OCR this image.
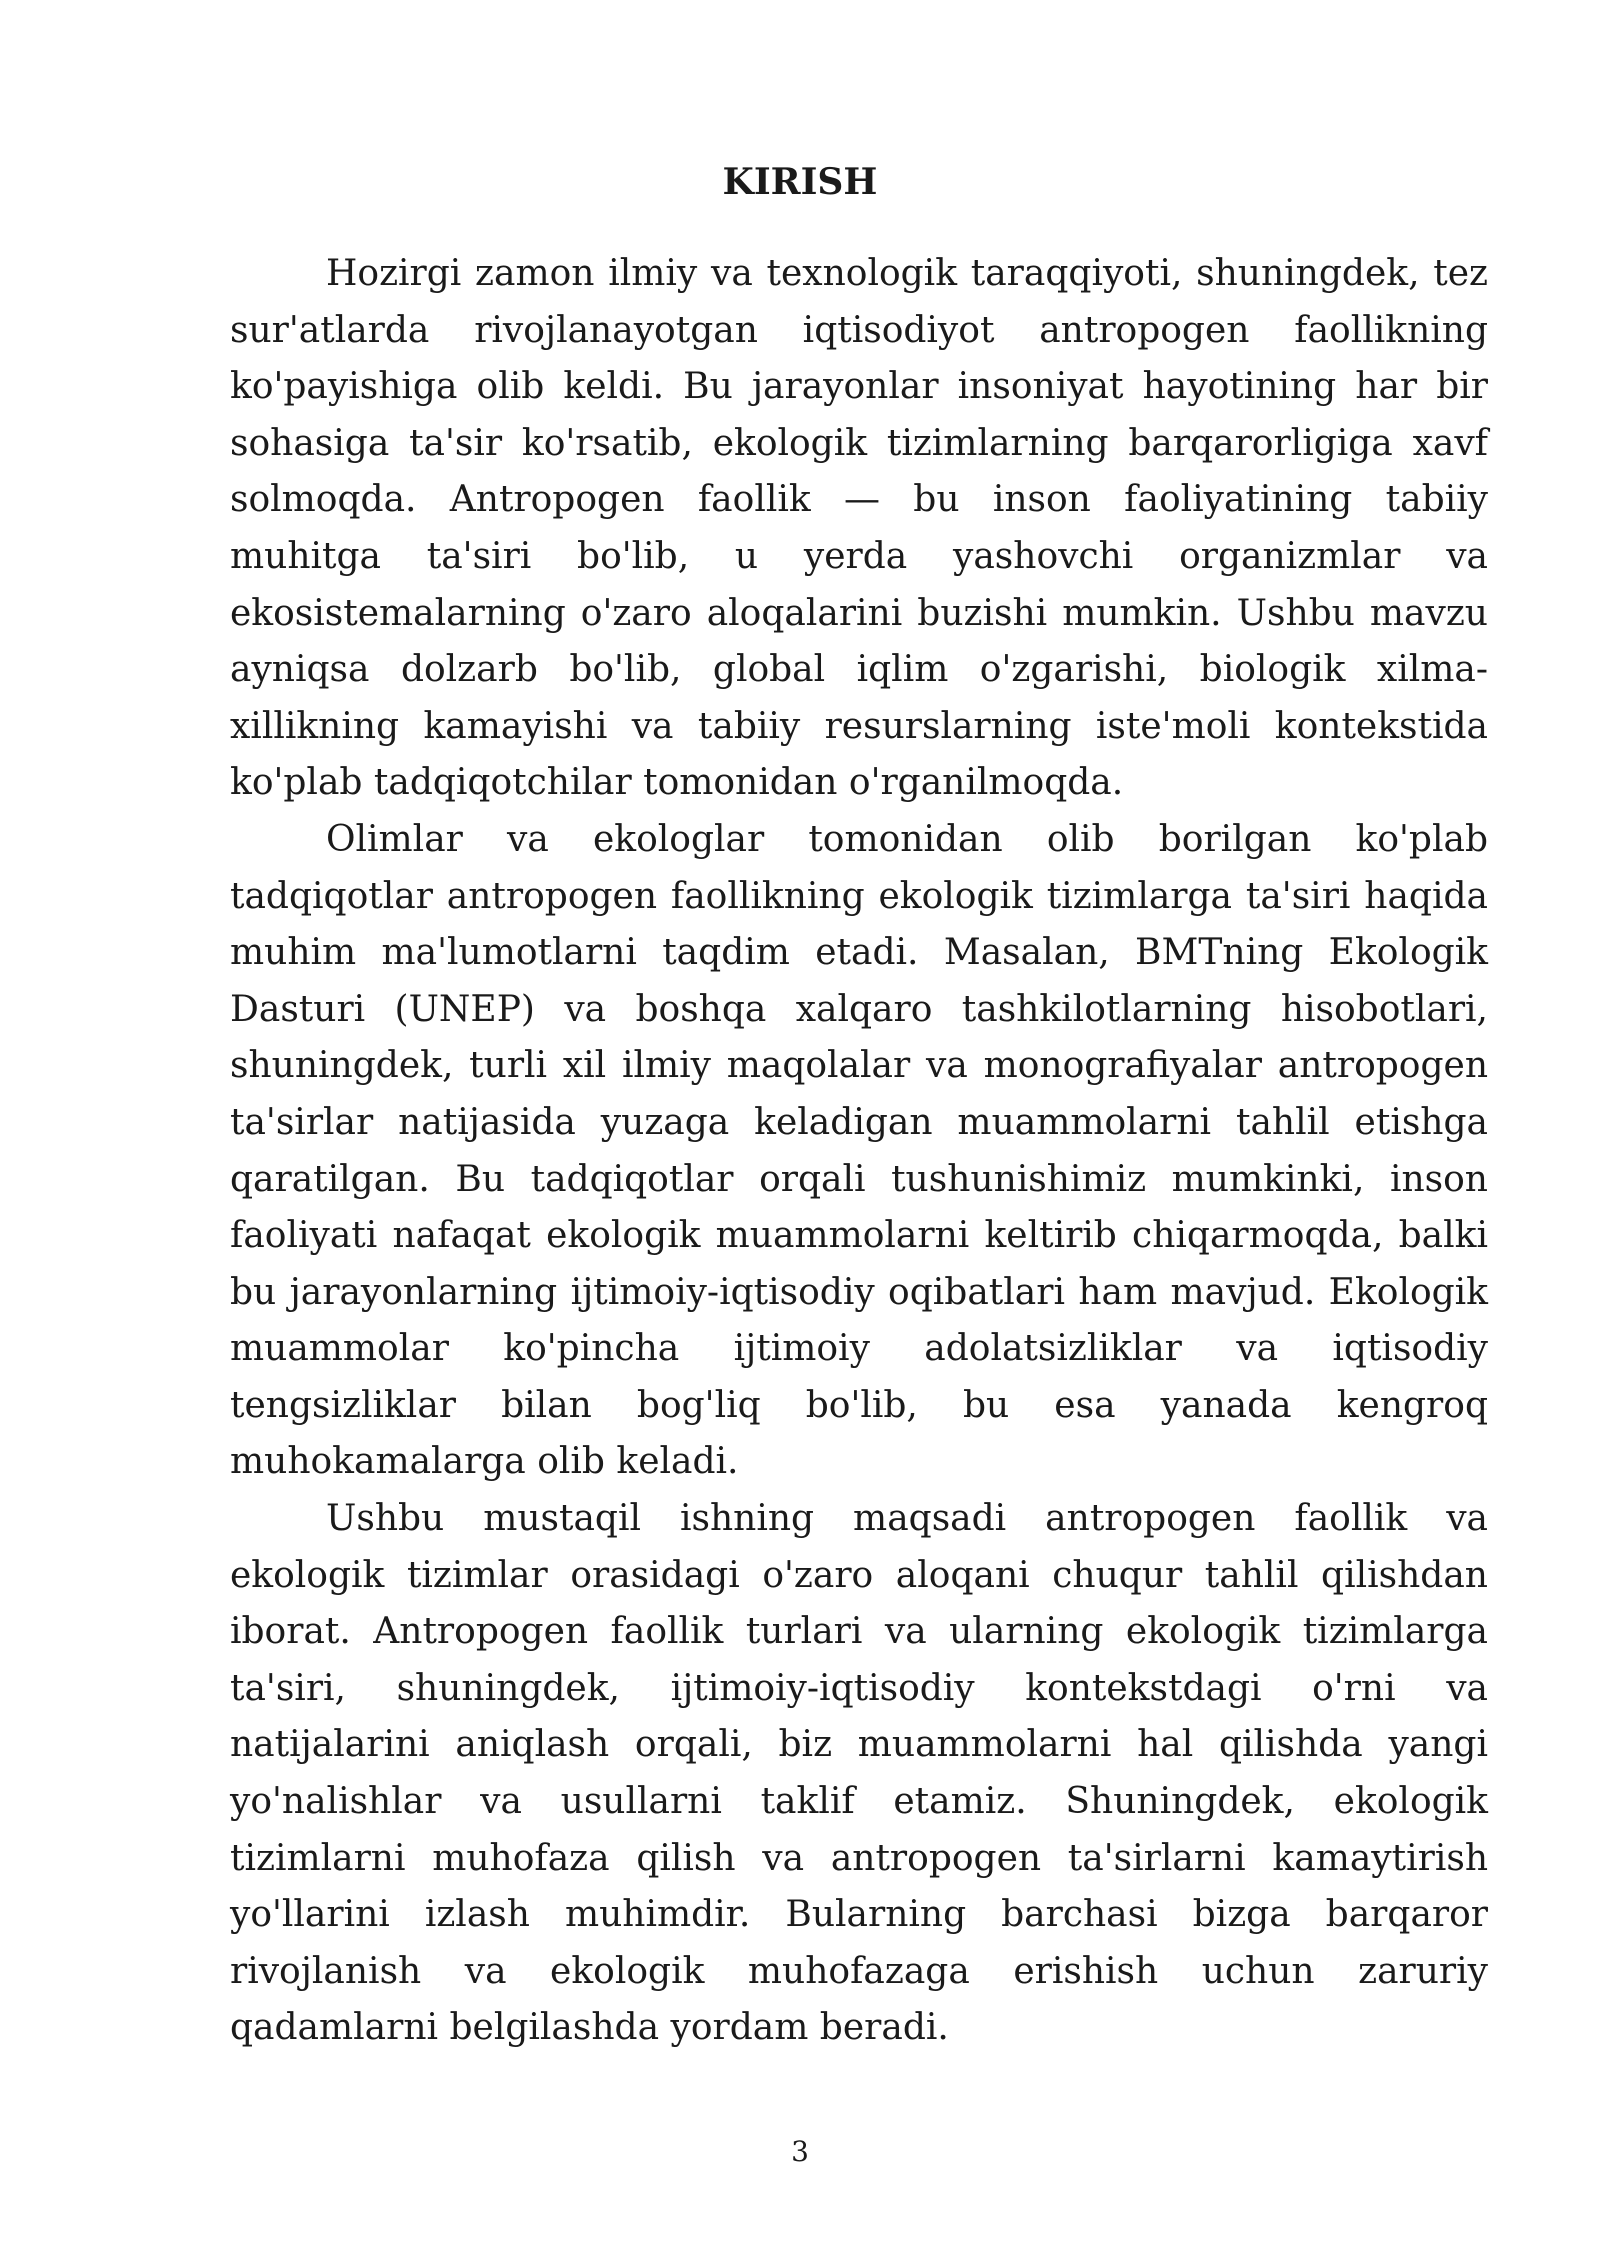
KIRISH

Hozirgi zamon ilmiy va texnologik taraqqiyoti, shuningdek, tez sur'atlarda rivojlanayotgan iqtisodiyot antropogen faollikning ko'payishiga olib keldi. Bu jarayonlar insoniyat hayotining har bir sohasiga ta'sir ko'rsatib, ekologik tizimlarning barqarorligiga xavf solmoqda. Antropogen faollik — bu inson faoliyatining tabiiy muhitga ta'siri bo'lib, u yerda yashovchi organizmlar va ekosistemalarning o'zaro aloqalarini buzishi mumkin. Ushbu mavzu ayniqsa dolzarb bo'lib, global iqlim o'zgarishi, biologik xilma-xillikning kamayishi va tabiiy resurslarning iste'moli kontekstida ko'plab tadqiqotchilar tomonidan o'rganilmoqda.

Olimlar va ekologlar tomonidan olib borilgan ko'plab tadqiqotlar antropogen faollikning ekologik tizimlarga ta'siri haqida muhim ma'lumotlarni taqdim etadi. Masalan, BMTning Ekologik Dasturi (UNEP) va boshqa xalqaro tashkilotlarning hisobotlari, shuningdek, turli xil ilmiy maqolalar va monografiyalar antropogen ta'sirlar natijasida yuzaga keladigan muammolarni tahlil etishga qaratilgan. Bu tadqiqotlar orqali tushunishimiz mumkinki, inson faoliyati nafaqat ekologik muammolarni keltirib chiqarmoqda, balki bu jarayonlarning ijtimoiy-iqtisodiy oqibatlari ham mavjud. Ekologik muammolar ko'pincha ijtimoiy adolatsizliklar va iqtisodiy tengsizliklar bilan bog'liq bo'lib, bu esa yanada kengroq muhokamalarga olib keladi.

Ushbu mustaqil ishning maqsadi antropogen faollik va ekologik tizimlar orasidagi o'zaro aloqani chuqur tahlil qilishdan iborat. Antropogen faollik turlari va ularning ekologik tizimlarga ta'siri, shuningdek, ijtimoiy-iqtisodiy kontekstdagi o'rni va natijalarini aniqlash orqali, biz muammolarni hal qilishda yangi yo'nalishlar va usullarni taklif etamiz. Shuningdek, ekologik tizimlarni muhofaza qilish va antropogen ta'sirlarni kamaytirish yo'llarini izlash muhimdir. Bularning barchasi bizga barqaror rivojlanish va ekologik muhofazaga erishish uchun zaruriy qadamlarni belgilashda yordam beradi.

3
